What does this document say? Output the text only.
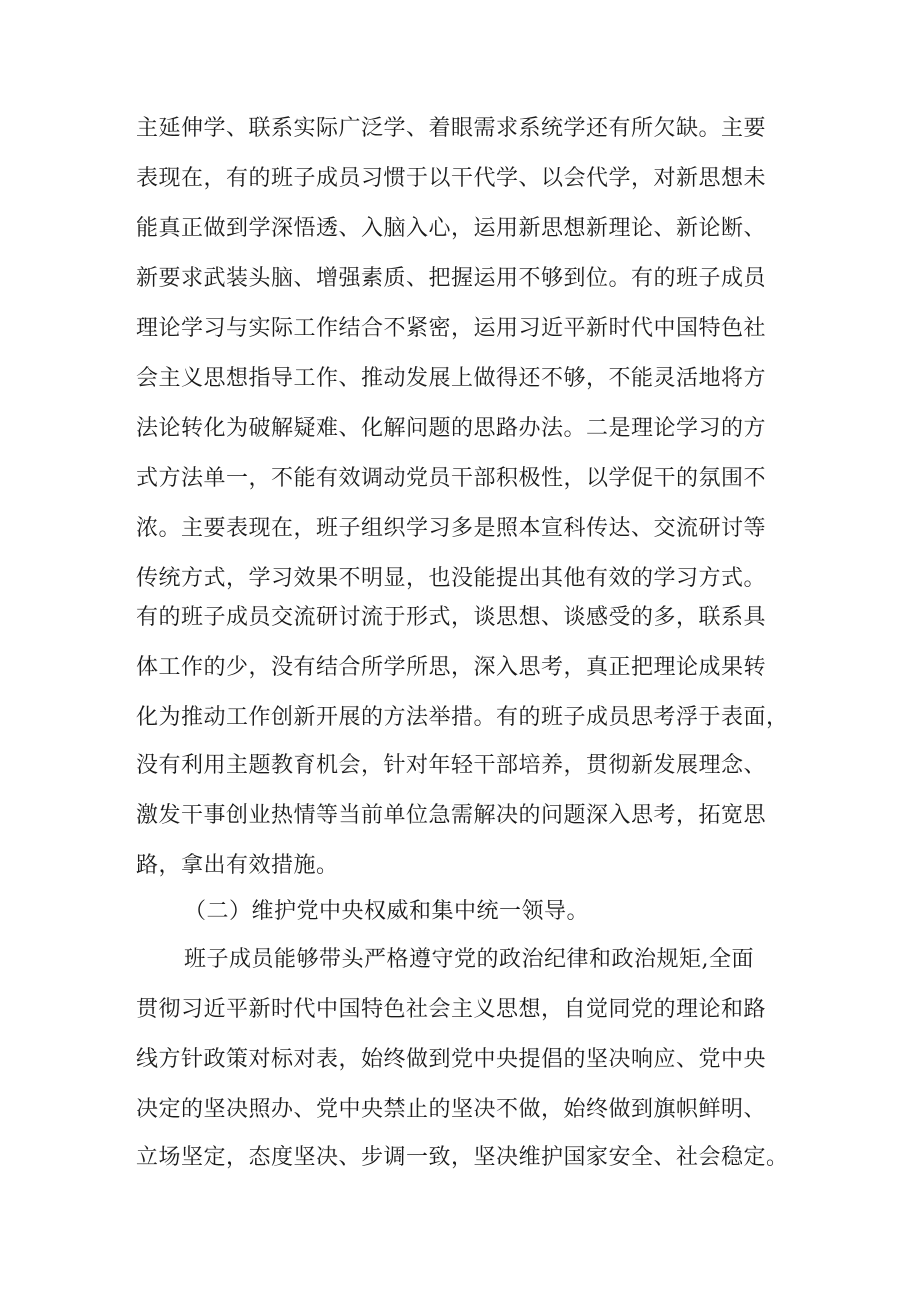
主延伸学、联系实际广泛学、着眼需求系统学还有所欠缺。主要
表现在，有的班子成员习惯于以干代学、以会代学，对新思想未
能真正做到学深悟透、入脑入心，运用新思想新理论、新论断、
新要求武装头脑、增强素质、把握运用不够到位。有的班子成员
理论学习与实际工作结合不紧密，运用习近平新时代中国特色社
会主义思想指导工作、推动发展上做得还不够，不能灵活地将方
法论转化为破解疑难、化解问题的思路办法。二是理论学习的方
式方法单一，不能有效调动党员干部积极性，以学促干的氛围不
浓。主要表现在，班子组织学习多是照本宣科传达、交流研讨等
传统方式，学习效果不明显，也没能提出其他有效的学习方式。
有的班子成员交流研讨流于形式，谈思想、谈感受的多，联系具
体工作的少，没有结合所学所思，深入思考，真正把理论成果转
化为推动工作创新开展的方法举措。有的班子成员思考浮于表面，
没有利用主题教育机会，针对年轻干部培养，贯彻新发展理念、
激发干事创业热情等当前单位急需解决的问题深入思考，拓宽思
路，拿出有效措施。
（二）维护党中央权威和集中统一领导。
班子成员能够带头严格遵守党的政治纪律和政治规矩,全面
贯彻习近平新时代中国特色社会主义思想，自觉同党的理论和路
线方针政策对标对表，始终做到党中央提倡的坚决响应、党中央
决定的坚决照办、党中央禁止的坚决不做，始终做到旗帜鲜明、
立场坚定，态度坚决、步调一致，坚决维护国家安全、社会稳定。
